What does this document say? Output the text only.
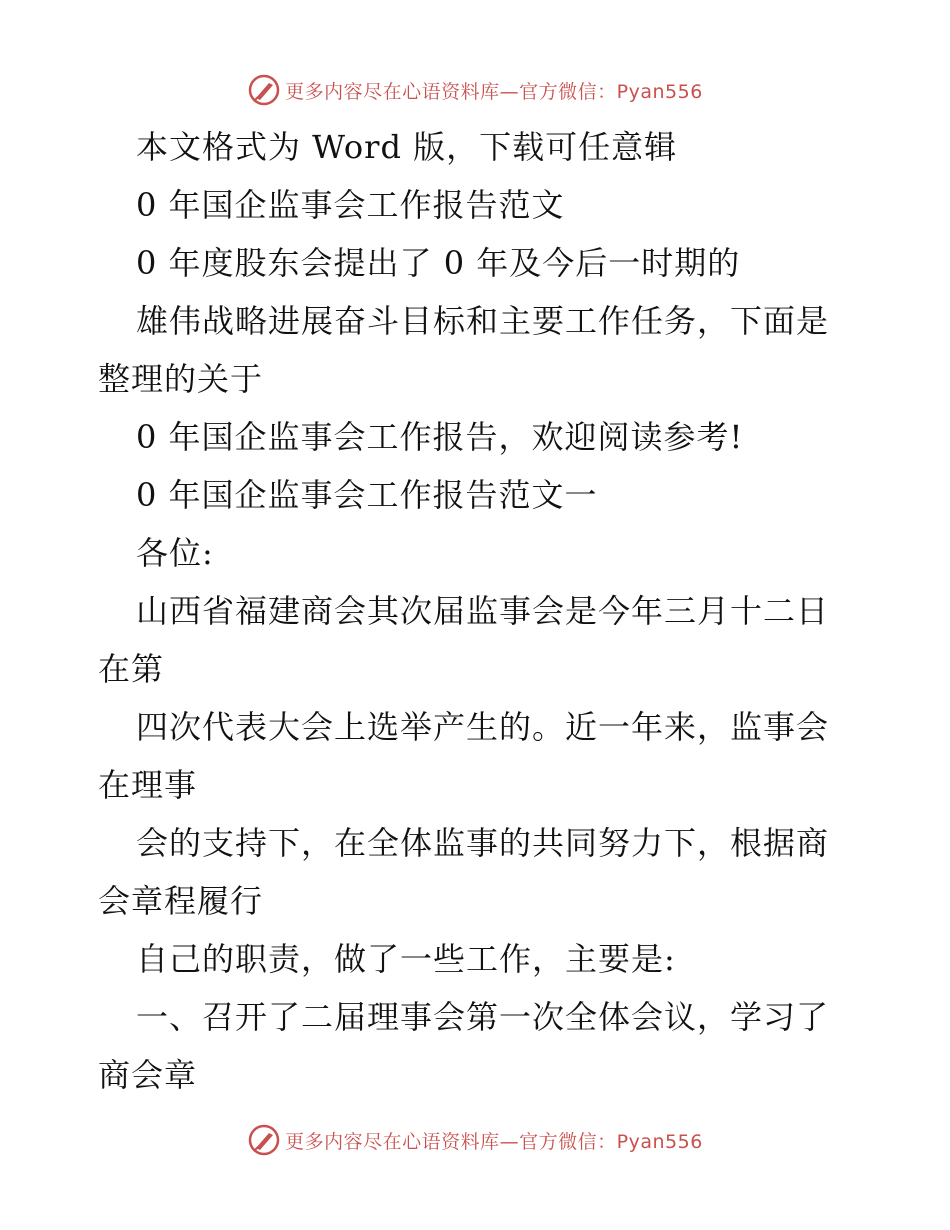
更多内容尽在心语资料库—官方微信：Pyan556
本文格式为 Word 版，下载可任意辑
0 年国企监事会工作报告范文
0 年度股东会提出了 0 年及今后一时期的
雄伟战略进展奋斗目标和主要工作任务，下面是
整理的关于
0 年国企监事会工作报告，欢迎阅读参考!
0 年国企监事会工作报告范文一
各位:
山西省福建商会其次届监事会是今年三月十二日
在第
四次代表大会上选举产生的。近一年来，监事会
在理事
会的支持下，在全体监事的共同努力下，根据商
会章程履行
自己的职责，做了一些工作，主要是:
一、召开了二届理事会第一次全体会议，学习了
商会章
更多内容尽在心语资料库—官方微信：Pyan556
